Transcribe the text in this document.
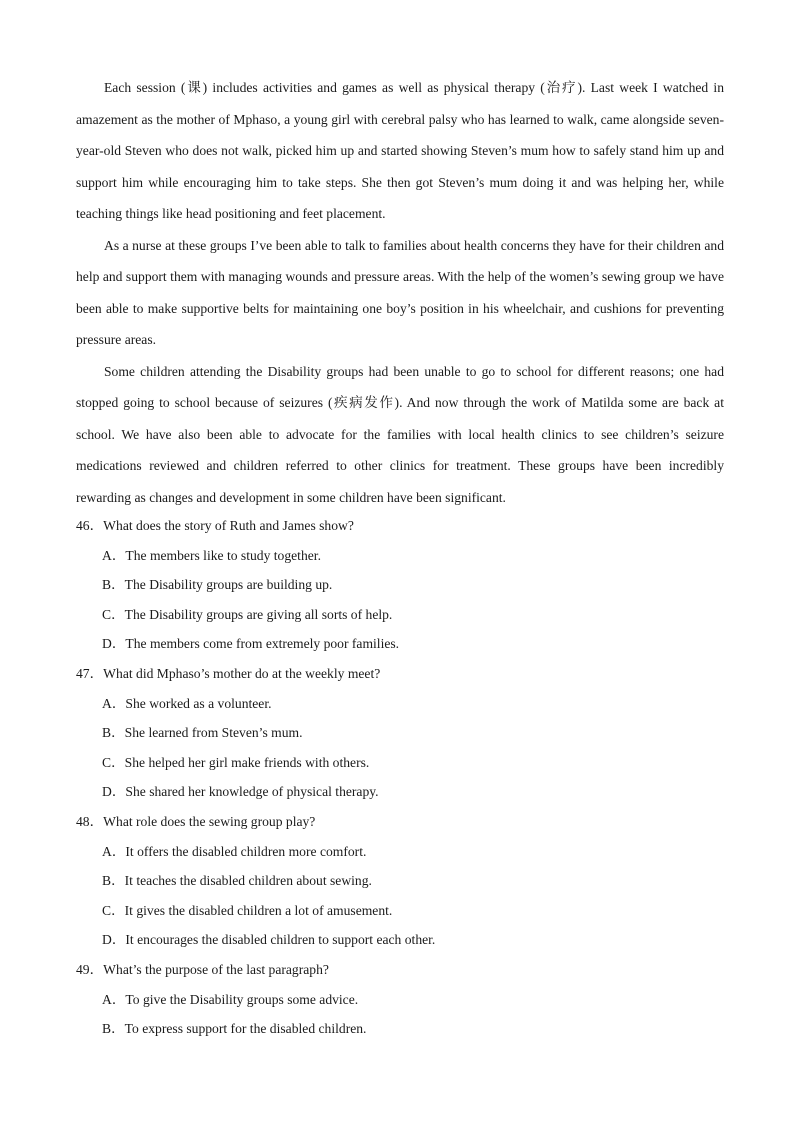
Each session (课) includes activities and games as well as physical therapy (治疗). Last week I watched in amazement as the mother of Mphaso, a young girl with cerebral palsy who has learned to walk, came alongside seven-year-old Steven who does not walk, picked him up and started showing Steven’s mum how to safely stand him up and support him while encouraging him to take steps. She then got Steven’s mum doing it and was helping her, while teaching things like head positioning and feet placement.

As a nurse at these groups I’ve been able to talk to families about health concerns they have for their children and help and support them with managing wounds and pressure areas. With the help of the women’s sewing group we have been able to make supportive belts for maintaining one boy’s position in his wheelchair, and cushions for preventing pressure areas.

Some children attending the Disability groups had been unable to go to school for different reasons; one had stopped going to school because of seizures (疾病发作). And now through the work of Matilda some are back at school. We have also been able to advocate for the families with local health clinics to see children’s seizure medications reviewed and children referred to other clinics for treatment. These groups have been incredibly rewarding as changes and development in some children have been significant.

46．What does the story of Ruth and James show?

A．The members like to study together.

B．The Disability groups are building up.

C．The Disability groups are giving all sorts of help.

D．The members come from extremely poor families.

47．What did Mphaso’s mother do at the weekly meet?

A．She worked as a volunteer.

B．She learned from Steven’s mum.

C．She helped her girl make friends with others.

D．She shared her knowledge of physical therapy.

48．What role does the sewing group play?

A．It offers the disabled children more comfort.

B．It teaches the disabled children about sewing.

C．It gives the disabled children a lot of amusement.

D．It encourages the disabled children to support each other.

49．What’s the purpose of the last paragraph?

A．To give the Disability groups some advice.

B．To express support for the disabled children.
